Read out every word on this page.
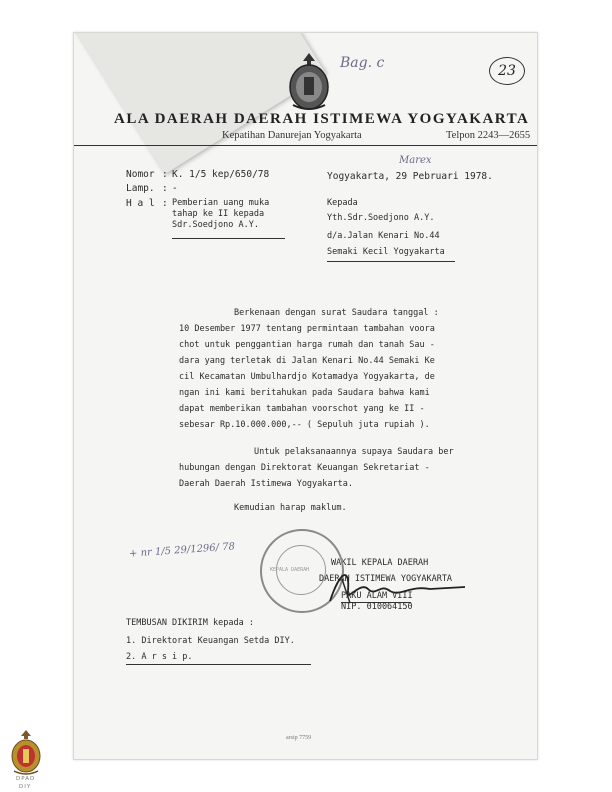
Bag. c	23
ALA DAERAH DAERAH ISTIMEWA YOGYAKARTA
Kepatihan Danurejan Yogyakarta	Telpon 2243—2655
Nomor : K. 1/5 kep/650/78
Lamp. : -
H a l : Pemberian uang muka
tahap ke II kepada
Sdr.Soedjono A.Y.
Marex
Yogyakarta, 29 Pebruari 1978.
Kepada
Yth.Sdr.Soedjono A.Y.
d/a.Jalan Kenari No.44
Semaki Kecil Yogyakarta
Berkenaan dengan surat Saudara tanggal :
10 Desember 1977 tentang permintaan tambahan voora
chot untuk penggantian harga rumah dan tanah Sau -
dara yang terletak di Jalan Kenari No.44 Semaki Ke
cil Kecamatan Umbulhardjo Kotamadya Yogyakarta, de
ngan ini kami beritahukan pada Saudara bahwa kami
dapat memberikan tambahan voorschot yang ke II -
sebesar Rp.10.000.000,-- ( Sepuluh juta rupiah ).
Untuk pelaksanaannya supaya Saudara ber
hubungan dengan Direktorat Keuangan Sekretariat -
Daerah Daerah Istimewa Yogyakarta.
Kemudian harap maklum.
WAKIL KEPALA DAERAH
DAERAH ISTIMEWA YOGYAKARTA
KEPALA DAERAH
PAKU ALAM VIII
NIP. 010064150
+ nr 1/5 29/1296/ 78
TEMBUSAN DIKIRIM kepada :
1. Direktorat Keuangan Setda DIY.
2. A r s i p.
arsip 7759
DPAD
DIY
